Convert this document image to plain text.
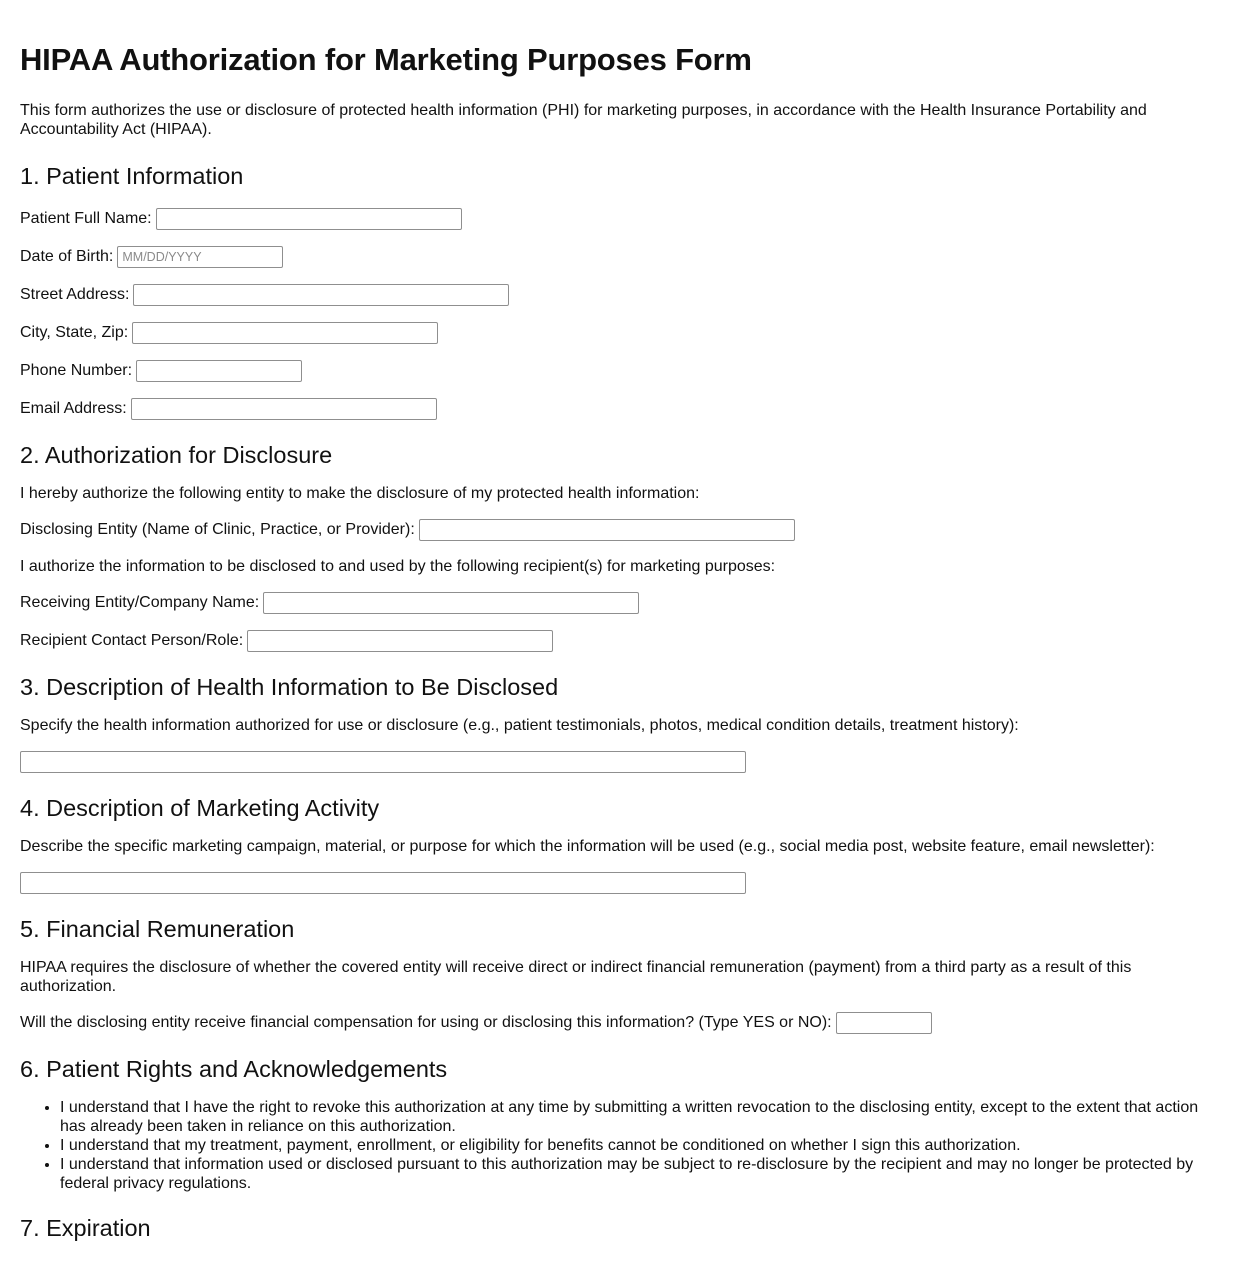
HIPAA Authorization for Marketing Purposes Form

This form authorizes the use or disclosure of protected health information (PHI) for marketing purposes, in accordance with the Health Insurance Portability and Accountability Act (HIPAA).

1. Patient Information
Patient Full Name:
Date of Birth:
MM/DD/YYYY
Street Address:
City, State, Zip:
Phone Number:
Email Address:
2. Authorization for Disclosure

I hereby authorize the following entity to make the disclosure of my protected health information:

Disclosing Entity (Name of Clinic, Practice, or Provider):

I authorize the information to be disclosed to and used by the following recipient(s) for marketing purposes:

Receiving Entity/Company Name:
Recipient Contact Person/Role:
3. Description of Health Information to Be Disclosed

Specify the health information authorized for use or disclosure (e.g., patient testimonials, photos, medical condition details, treatment history):

4. Description of Marketing Activity

Describe the specific marketing campaign, material, or purpose for which the information will be used (e.g., social media post, website feature, email newsletter):

5. Financial Remuneration

HIPAA requires the disclosure of whether the covered entity will receive direct or indirect financial remuneration (payment) from a third party as a result of this authorization.

Will the disclosing entity receive financial compensation for using or disclosing this information? (Type YES or NO):
6. Patient Rights and Acknowledgements
• I understand that I have the right to revoke this authorization at any time by submitting a written revocation to the disclosing entity, except to the extent that action has already been taken in reliance on this authorization.
• I understand that my treatment, payment, enrollment, or eligibility for benefits cannot be conditioned on whether I sign this authorization.
• I understand that information used or disclosed pursuant to this authorization may be subject to re-disclosure by the recipient and may no longer be protected by federal privacy regulations.
7. Expiration
